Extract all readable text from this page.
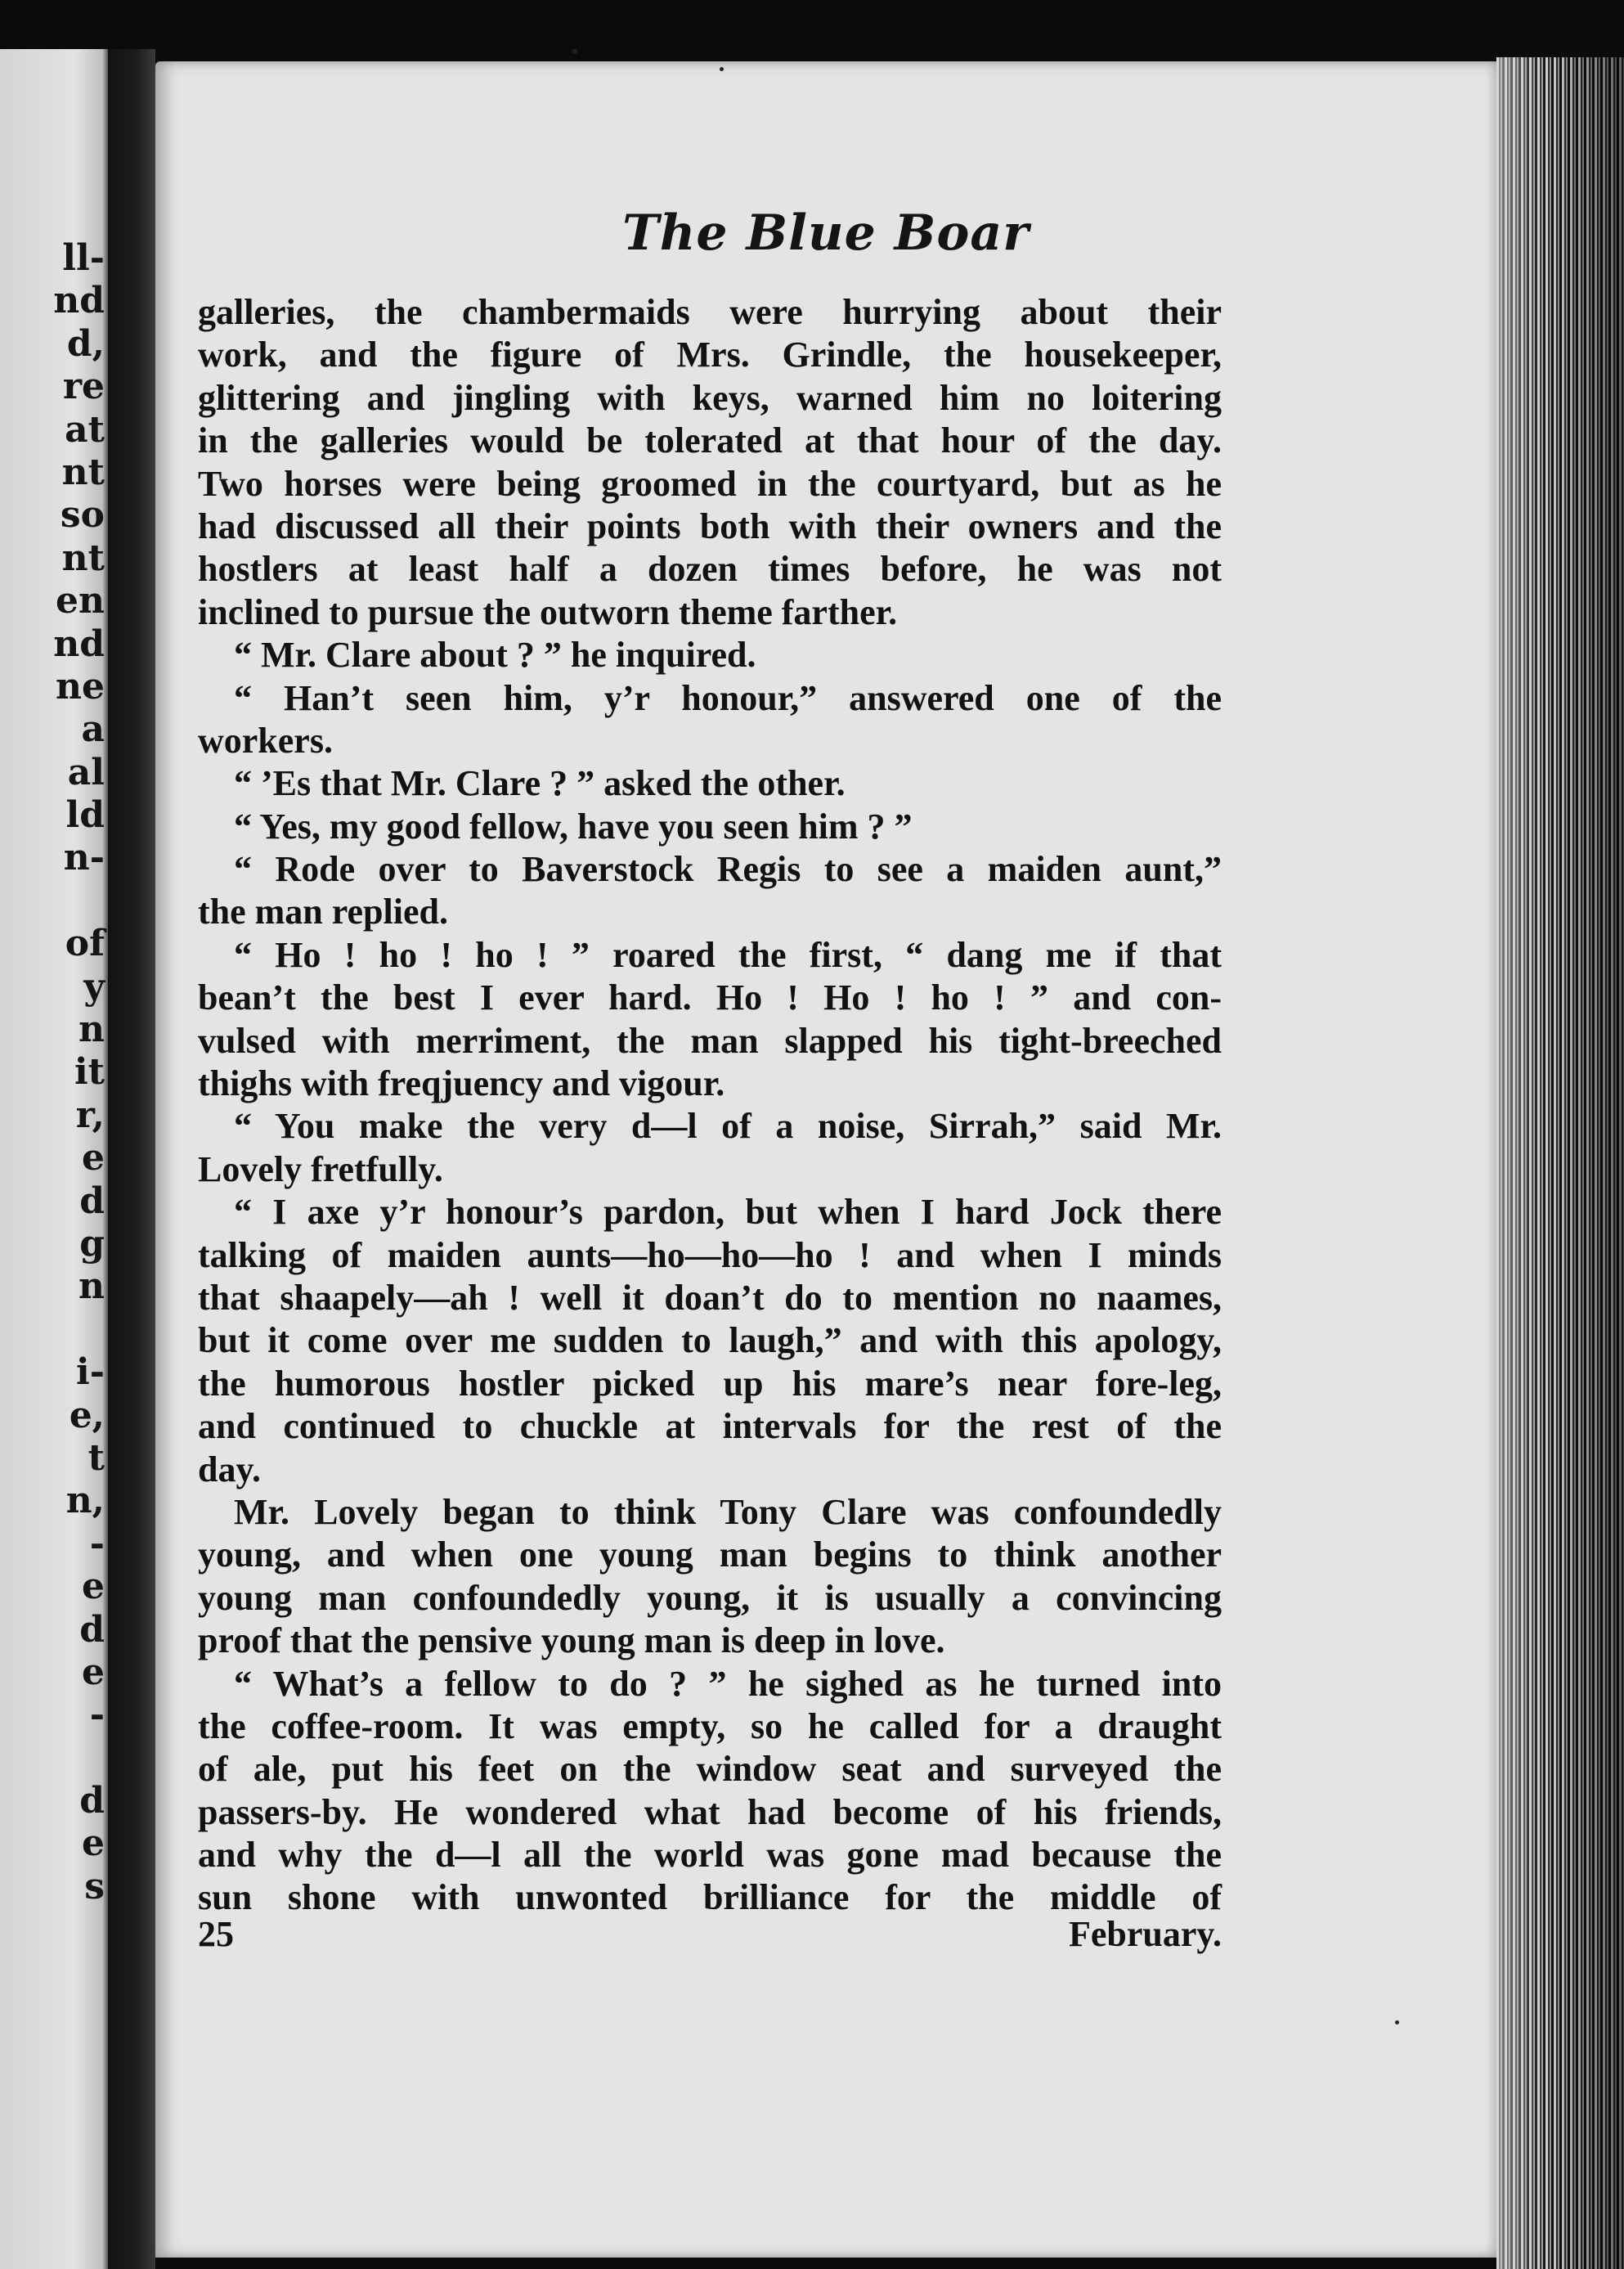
ll-
nd
d,
re
at
nt
so
nt
en
nd
ne
a
al
ld
n-
of
y
n
it
r,
e
d
g
n
i-
e,
t
n,
-
e
d
e
-
d
e
s
The Blue Boar
galleries, the chambermaids were hurrying about their
work, and the figure of Mrs. Grindle, the housekeeper,
glittering and jingling with keys, warned him no loitering
in the galleries would be tolerated at that hour of the day.
Two horses were being groomed in the courtyard, but as he
had discussed all their points both with their owners and the
hostlers at least half a dozen times before, he was not
inclined to pursue the outworn theme farther.
“ Mr. Clare about ? ” he inquired.
“ Han’t seen him, y’r honour,” answered one of the
workers.
“ ’Es that Mr. Clare ? ” asked the other.
“ Yes, my good fellow, have you seen him ? ”
“ Rode over to Baverstock Regis to see a maiden aunt,”
the man replied.
“ Ho ! ho ! ho ! ” roared the first, “ dang me if that
bean’t the best I ever hard. Ho ! Ho ! ho ! ” and con-
vulsed with merriment, the man slapped his tight-breeched
thighs with freqjuency and vigour.
“ You make the very d—l of a noise, Sirrah,” said Mr.
Lovely fretfully.
“ I axe y’r honour’s pardon, but when I hard Jock there
talking of maiden aunts—ho—ho—ho ! and when I minds
that shaapely—ah ! well it doan’t do to mention no naames,
but it come over me sudden to laugh,” and with this apology,
the humorous hostler picked up his mare’s near fore-leg,
and continued to chuckle at intervals for the rest of the
day.
Mr. Lovely began to think Tony Clare was confoundedly
young, and when one young man begins to think another
young man confoundedly young, it is usually a convincing
proof that the pensive young man is deep in love.
“ What’s a fellow to do ? ” he sighed as he turned into
the coffee-room. It was empty, so he called for a draught
of ale, put his feet on the window seat and surveyed the
passers-by. He wondered what had become of his friends,
and why the d—l all the world was gone mad because the
sun shone with unwonted brilliance for the middle of
25	February.
